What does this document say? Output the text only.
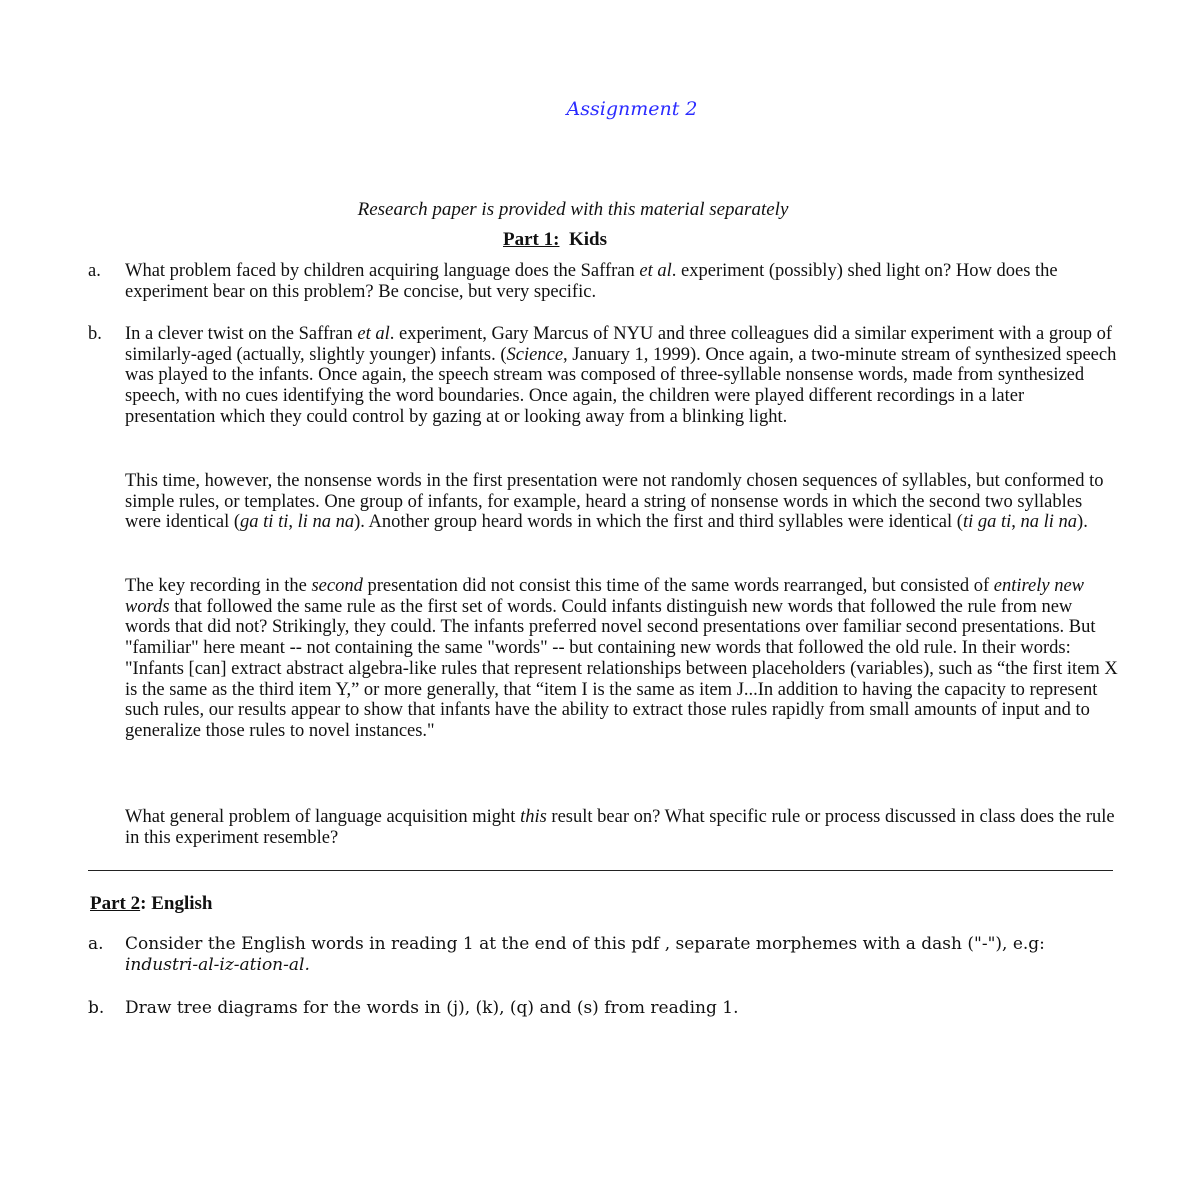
Assignment 2
Research paper is provided with this material separately
Part 1: Kids
a.	What problem faced by children acquiring language does the Saffran et al. experiment (possibly) shed light on? How does the experiment bear on this problem? Be concise, but very specific.
b.	In a clever twist on the Saffran et al. experiment, Gary Marcus of NYU and three colleagues did a similar experiment with a group of similarly-aged (actually, slightly younger) infants. (Science, January 1, 1999). Once again, a two-minute stream of synthesized speech was played to the infants. Once again, the speech stream was composed of three-syllable nonsense words, made from synthesized speech, with no cues identifying the word boundaries. Once again, the children were played different recordings in a later presentation which they could control by gazing at or looking away from a blinking light.
This time, however, the nonsense words in the first presentation were not randomly chosen sequences of syllables, but conformed to simple rules, or templates. One group of infants, for example, heard a string of nonsense words in which the second two syllables were identical (ga ti ti, li na na). Another group heard words in which the first and third syllables were identical (ti ga ti, na li na).
The key recording in the second presentation did not consist this time of the same words rearranged, but consisted of entirely new words that followed the same rule as the first set of words. Could infants distinguish new words that followed the rule from new words that did not? Strikingly, they could. The infants preferred novel second presentations over familiar second presentations. But "familiar" here meant -- not containing the same "words" -- but containing new words that followed the old rule. In their words: "Infants [can] extract abstract algebra-like rules that represent relationships between placeholders (variables), such as “the first item X is the same as the third item Y,” or more generally, that “item I is the same as item J...In addition to having the capacity to represent such rules, our results appear to show that infants have the ability to extract those rules rapidly from small amounts of input and to generalize those rules to novel instances."
What general problem of language acquisition might this result bear on? What specific rule or process discussed in class does the rule in this experiment resemble?
Part 2: English
a.	Consider the English words in reading 1 at the end of this pdf , separate morphemes with a dash ("-"), e.g: industri-al-iz-ation-al.
b.	Draw tree diagrams for the words in (j), (k), (q) and (s) from reading 1.
